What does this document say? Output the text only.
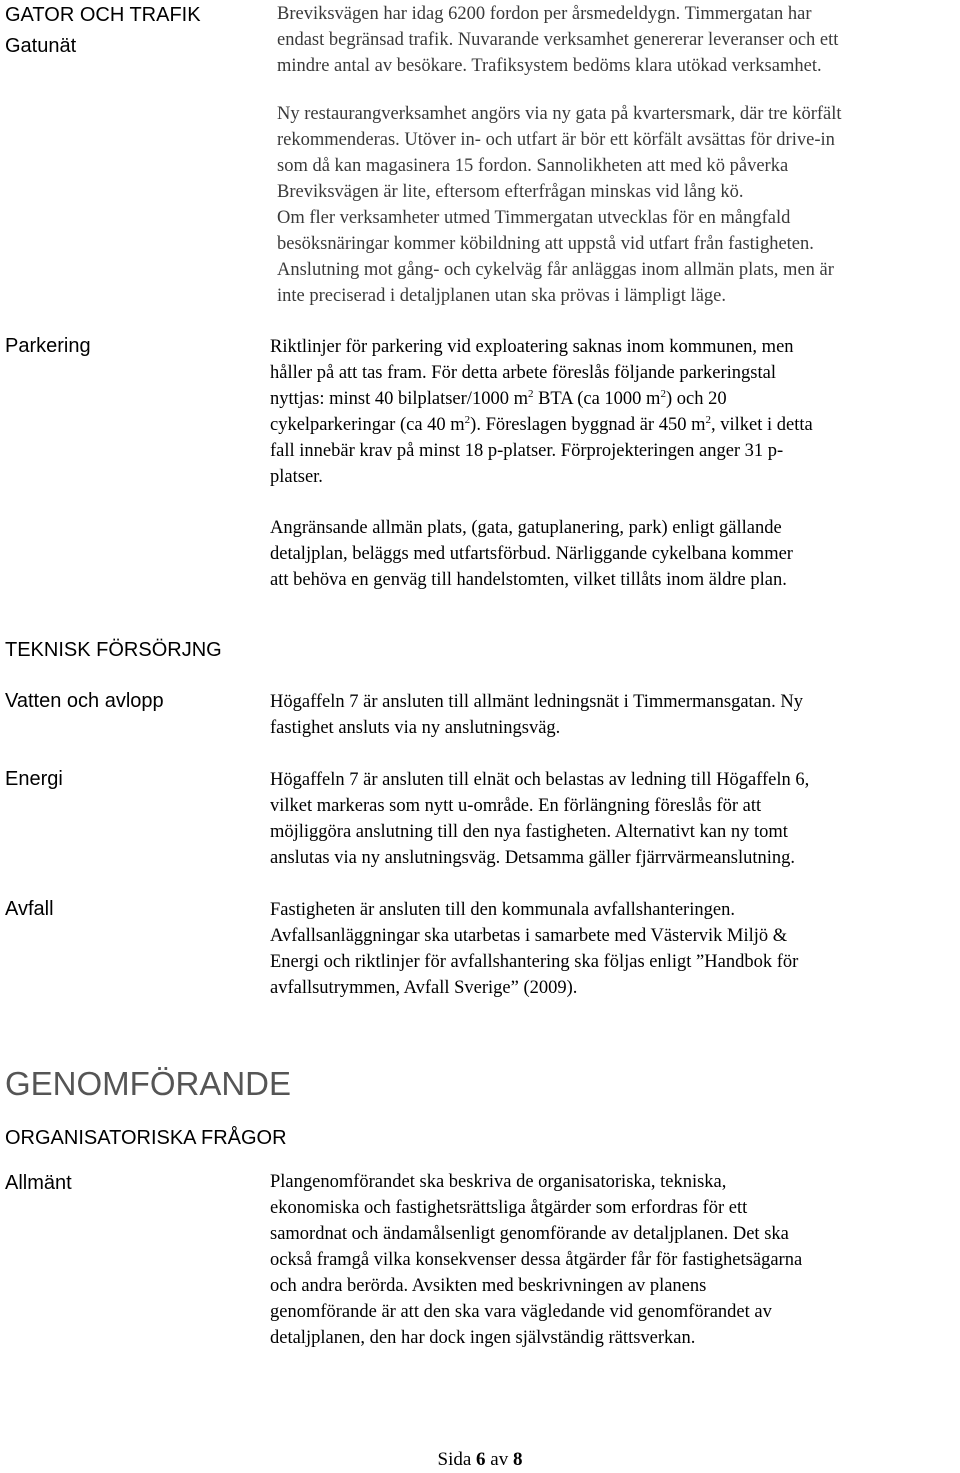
GATOR OCH TRAFIK
Gatunät
Breviksvägen har idag 6200 fordon per årsmedeldygn. Timmergatan har
endast begränsad trafik. Nuvarande verksamhet genererar leveranser och ett
mindre antal av besökare. Trafiksystem bedöms klara utökad verksamhet.
Ny restaurangverksamhet angörs via ny gata på kvartersmark, där tre körfält
rekommenderas. Utöver in- och utfart är bör ett körfält avsättas för drive-in
som då kan magasinera 15 fordon. Sannolikheten att med kö påverka
Breviksvägen är lite, eftersom efterfrågan minskas vid lång kö.
Om fler verksamheter utmed Timmergatan utvecklas för en mångfald
besöksnäringar kommer köbildning att uppstå vid utfart från fastigheten.
Anslutning mot gång- och cykelväg får anläggas inom allmän plats, men är
inte preciserad i detaljplanen utan ska prövas i lämpligt läge.
Parkering	Riktlinjer för parkering vid exploatering saknas inom kommunen, men
håller på att tas fram. För detta arbete föreslås följande parkeringstal
nyttjas: minst 40 bilplatser/1000 $m^2$ BTA (ca 1000 $m^2$) och 20
cykelparkeringar (ca 40 $m^2$). Föreslagen byggnad är 450 $m^2$, vilket i detta
fall innebär krav på minst 18 p-platser. Förprojekteringen anger 31 p-
platser.
Angränsande allmän plats, (gata, gatuplanering, park) enligt gällande
detaljplan, beläggs med utfartsförbud. Närliggande cykelbana kommer
att behöva en genväg till handelstomten, vilket tillåts inom äldre plan.
TEKNISK FÖRSÖRJNG
Vatten och avlopp	Högaffeln 7 är ansluten till allmänt ledningsnät i Timmermansgatan. Ny
fastighet ansluts via ny anslutningsväg.
Energi	Högaffeln 7 är ansluten till elnät och belastas av ledning till Högaffeln 6,
vilket markeras som nytt u-område. En förlängning föreslås för att
möjliggöra anslutning till den nya fastigheten. Alternativt kan ny tomt
anslutas via ny anslutningsväg. Detsamma gäller fjärrvärmeanslutning.
Avfall	Fastigheten är ansluten till den kommunala avfallshanteringen.
Avfallsanläggningar ska utarbetas i samarbete med Västervik Miljö &
Energi och riktlinjer för avfallshantering ska följas enligt ”Handbok för
avfallsutrymmen, Avfall Sverige” (2009).
GENOMFÖRANDE
ORGANISATORISKA FRÅGOR
Allmänt	Plangenomförandet ska beskriva de organisatoriska, tekniska,
ekonomiska och fastighetsrättsliga åtgärder som erfordras för ett
samordnat och ändamålsenligt genomförande av detaljplanen. Det ska
också framgå vilka konsekvenser dessa åtgärder får för fastighetsägarna
och andra berörda. Avsikten med beskrivningen av planens
genomförande är att den ska vara vägledande vid genomförandet av
detaljplanen, den har dock ingen självständig rättsverkan.
Sida 6 av 8
